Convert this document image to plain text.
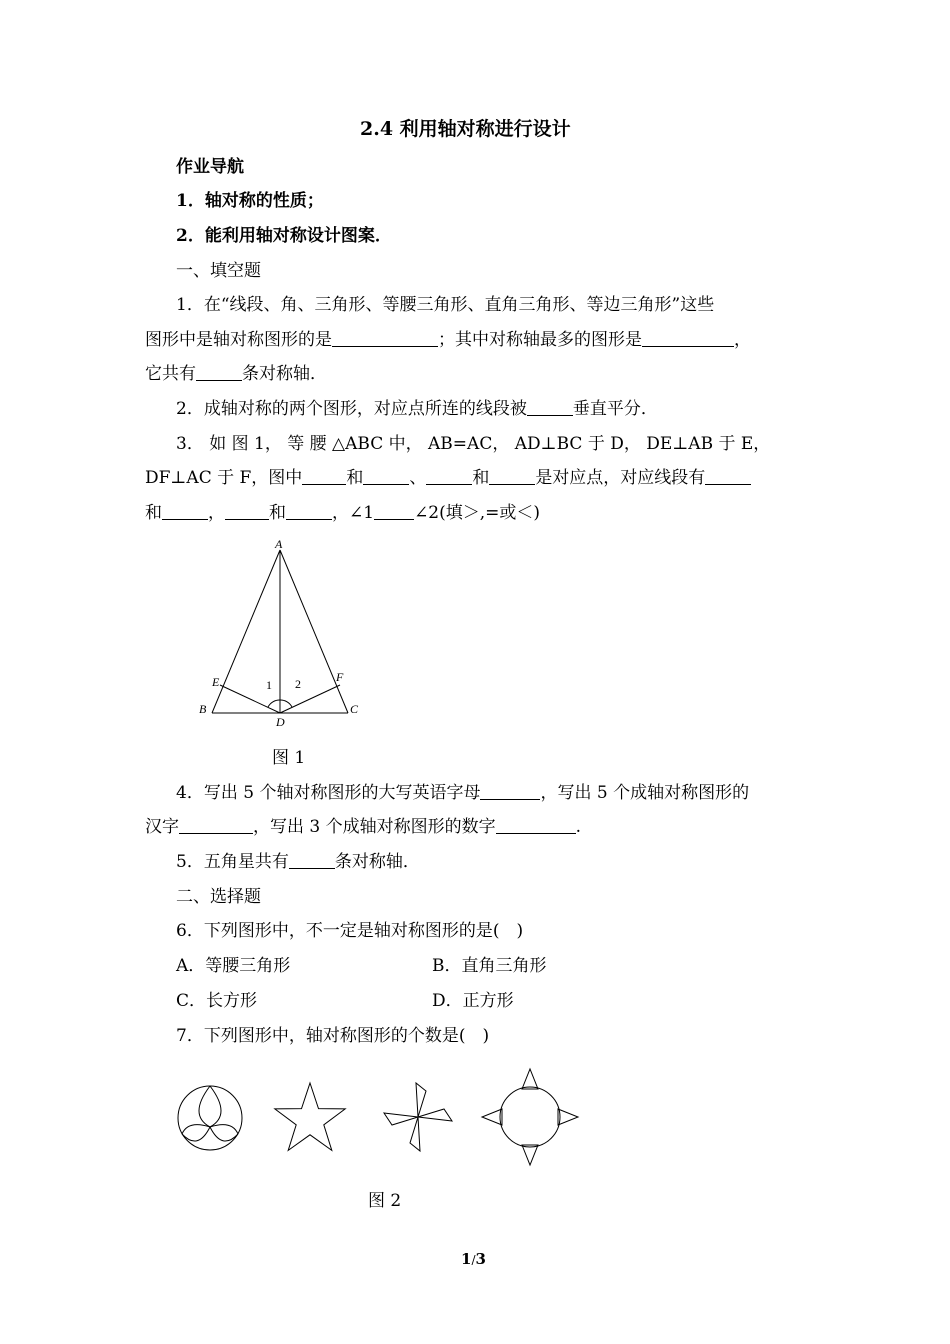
2.4 利用轴对称进行设计
作业导航
1．轴对称的性质；
2．能利用轴对称设计图案．
一、填空题
1．在“线段、角、三角形、等腰三角形、直角三角形、等边三角形”这些
图形中是轴对称图形的是	；其中对称轴最多的图形是	，
它共有	条对称轴．
2．成轴对称的两个图形，对应点所连的线段被	垂直平分．
3． 如 图 1， 等 腰 △ABC 中， AB=AC， AD⊥BC 于 D， DE⊥AB 于 E，
DF⊥AC 于 F，图中	和	、	和	是对应点，对应线段有
和	，	和	，∠1 ∠2(填＞,=或＜)
A
B	C
D
E	F
1 2
图 1
4．写出 5 个轴对称图形的大写英语字母	，写出 5 个成轴对称图形的
汉字	，写出 3 个成轴对称图形的数字	.
5．五角星共有	条对称轴．
二、选择题
6．下列图形中，不一定是轴对称图形的是(　)
A．等腰三角形	B．直角三角形
C．长方形	D．正方形
7．下列图形中，轴对称图形的个数是(　)
图 2
1/3
